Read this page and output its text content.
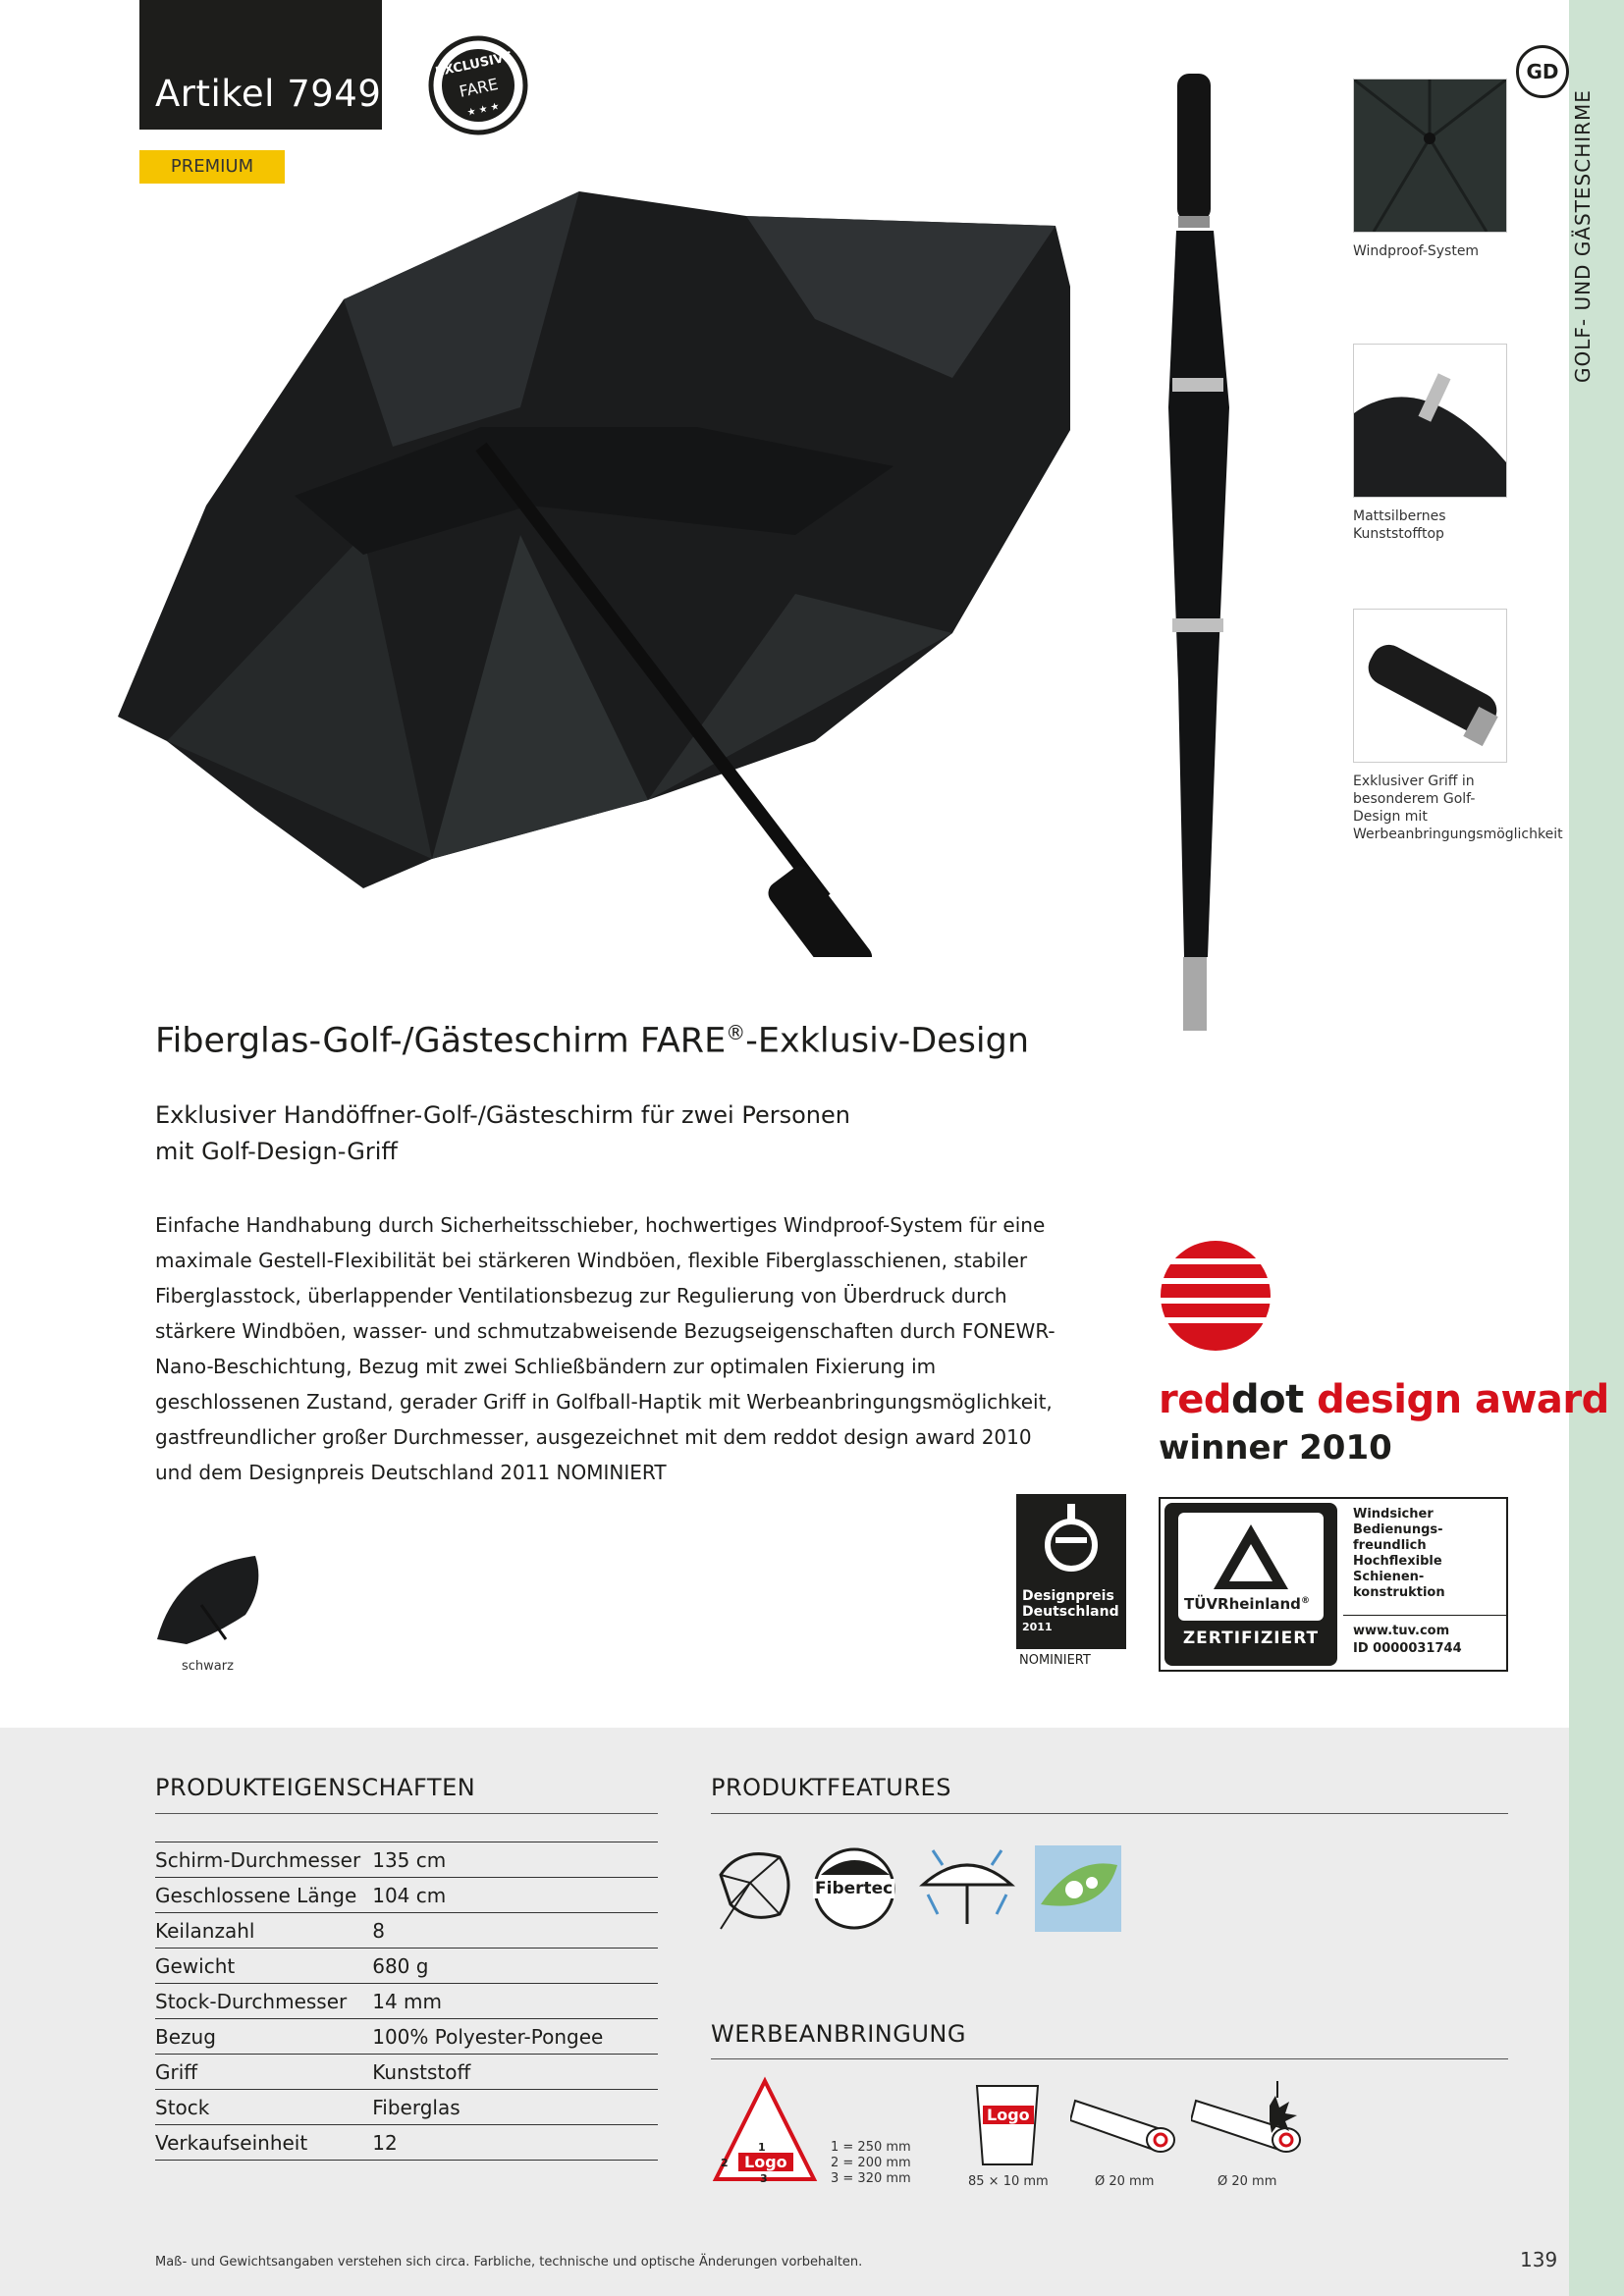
Artikel 7949
PREMIUM
EXCLUSIVE
FARE
★ ★ ★
GD
GOLF- UND GÄSTESCHIRME
Windproof-System
Mattsilbernes Kunststofftop
Exklusiver Griff in besonderem Golf-Design mit Werbeanbringungsmöglichkeit
Fiberglas-Golf-/Gästeschirm FARE®-Exklusiv-Design
Exklusiver Handöffner-Golf-/Gästeschirm für zwei Personen
mit Golf-Design-Griff
Einfache Handhabung durch Sicherheitsschieber, hochwertiges Windproof-System für eine maximale Gestell-Flexibilität bei stärkeren Windböen, flexible Fiberglasschienen, stabiler Fiberglasstock, überlappender Ventilationsbezug zur Regulierung von Überdruck durch stärkere Windböen, wasser- und schmutzabweisende Bezugseigenschaften durch FONEWR-Nano-Beschichtung, Bezug mit zwei Schließbändern zur optimalen Fixierung im geschlossenen Zustand, gerader Griff in Golfball-Haptik mit Werbeanbringungsmöglichkeit, gastfreundlicher großer Durchmesser, ausgezeichnet mit dem reddot design award 2010 und dem Designpreis Deutschland 2011 NOMINIERT
schwarz
reddot design award
winner 2010
Designpreis
Deutschland
2011
NOMINIERT
TÜVRheinland®
ZERTIFIZIERT
Windsicher
Bedienungs-
freundlich
Hochflexible
Schienen-
konstruktion
www.tuv.com
ID 0000031744
PRODUKTEIGENSCHAFTEN
Schirm-Durchmesser	135 cm
Geschlossene Länge	104 cm
Keilanzahl	8
Gewicht	680 g
Stock-Durchmesser	14 mm
Bezug	100% Polyester-Pongee
Griff	Kunststoff
Stock	Fiberglas
Verkaufseinheit	12
PRODUKTFEATURES
Fibertec
WERBEANBRINGUNG
Logo
1
2
3
1 = 250 mm
2 = 200 mm
3 = 320 mm
Logo
85 × 10 mm	Ø 20 mm	Ø 20 mm
Maß- und Gewichtsangaben verstehen sich circa. Farbliche, technische und optische Änderungen vorbehalten.	139
